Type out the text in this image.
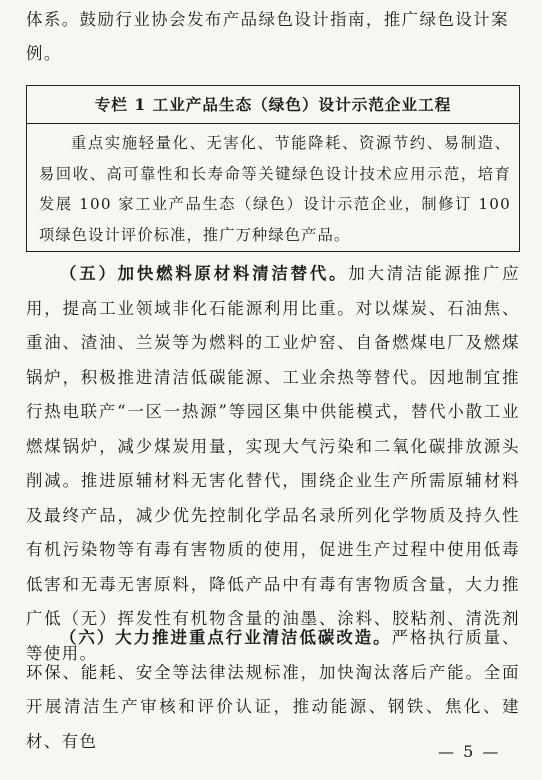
体系。鼓励行业协会发布产品绿色设计指南，推广绿色设计案
例。
专栏 1 工业产品生态（绿色）设计示范企业工程

重点实施轻量化、无害化、节能降耗、资源节约、易制造、易回收、高可靠性和长寿命等关键绿色设计技术应用示范，培育发展 100 家工业产品生态（绿色）设计示范企业，制修订 100 项绿色设计评价标准，推广万种绿色产品。

（五）加快燃料原材料清洁替代。加大清洁能源推广应用，提高工业领域非化石能源利用比重。对以煤炭、石油焦、重油、渣油、兰炭等为燃料的工业炉窑、自备燃煤电厂及燃煤锅炉，积极推进清洁低碳能源、工业余热等替代。因地制宜推行热电联产“一区一热源”等园区集中供能模式，替代小散工业燃煤锅炉，减少煤炭用量，实现大气污染和二氧化碳排放源头削减。推进原辅材料无害化替代，围绕企业生产所需原辅材料及最终产品，减少优先控制化学品名录所列化学物质及持久性有机污染物等有毒有害物质的使用，促进生产过程中使用低毒低害和无毒无害原料，降低产品中有毒有害物质含量，大力推广低（无）挥发性有机物含量的油墨、涂料、胶粘剂、清洗剂等使用。

（六）大力推进重点行业清洁低碳改造。严格执行质量、环保、能耗、安全等法律法规标准，加快淘汰落后产能。全面开展清洁生产审核和评价认证，推动能源、钢铁、焦化、建材、有色

— 5 —
